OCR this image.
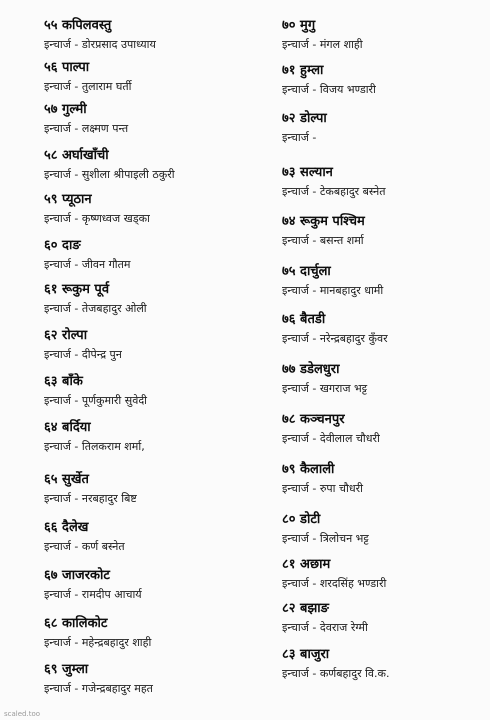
५५ कपिलवस्तु
इन्चार्ज - डोरप्रसाद उपाध्याय
५६ पाल्पा
इन्चार्ज - तुलाराम घर्ती
५७ गुल्मी
इन्चार्ज - लक्ष्मण पन्त
५८ अर्घाखाँची
इन्चार्ज - सुशीला श्रीपाइली ठकुरी
५९ प्यूठान
इन्चार्ज - कृष्णध्वज खड्का
६० दाङ
इन्चार्ज - जीवन गौतम
६१ रूकुम पूर्व
इन्चार्ज - तेजबहादुर ओली
६२ रोल्पा
इन्चार्ज - दीपेन्द्र पुन
६३ बाँके
इन्चार्ज - पूर्णकुमारी सुवेदी
६४ बर्दिया
इन्चार्ज - तिलकराम शर्मा,
६५ सुर्खेत
इन्चार्ज - नरबहादुर बिष्ट
६६ दैलेख
इन्चार्ज - कर्ण बस्नेत
६७ जाजरकोट
इन्चार्ज - रामदीप आचार्य
६८ कालिकोट
इन्चार्ज - महेन्द्रबहादुर शाही
६९ जुम्ला
इन्चार्ज - गजेन्द्रबहादुर महत
७० मुगु
इन्चार्ज - मंगल शाही
७१ हुम्ला
इन्चार्ज - विजय भण्डारी
७२ डोल्पा
इन्चार्ज -
७३ सल्यान
इन्चार्ज - टेकबहादुर बस्नेत
७४ रूकुम पश्चिम
इन्चार्ज - बसन्त शर्मा
७५ दार्चुला
इन्चार्ज - मानबहादुर धामी
७६ बैतडी
इन्चार्ज - नरेन्द्रबहादुर कुँवर
७७ डडेलधुरा
इन्चार्ज - खगराज भट्ट
७८ कञ्चनपुर
इन्चार्ज - देवीलाल चौधरी
७९ कैलाली
इन्चार्ज - रुपा चौधरी
८० डोटी
इन्चार्ज - त्रिलोचन भट्ट
८१ अछाम
इन्चार्ज - शरदसिंह भण्डारी
८२ बझाङ
इन्चार्ज - देवराज रेग्मी
८३ बाजुरा
इन्चार्ज - कर्णबहादुर वि.क.
scaled.too
